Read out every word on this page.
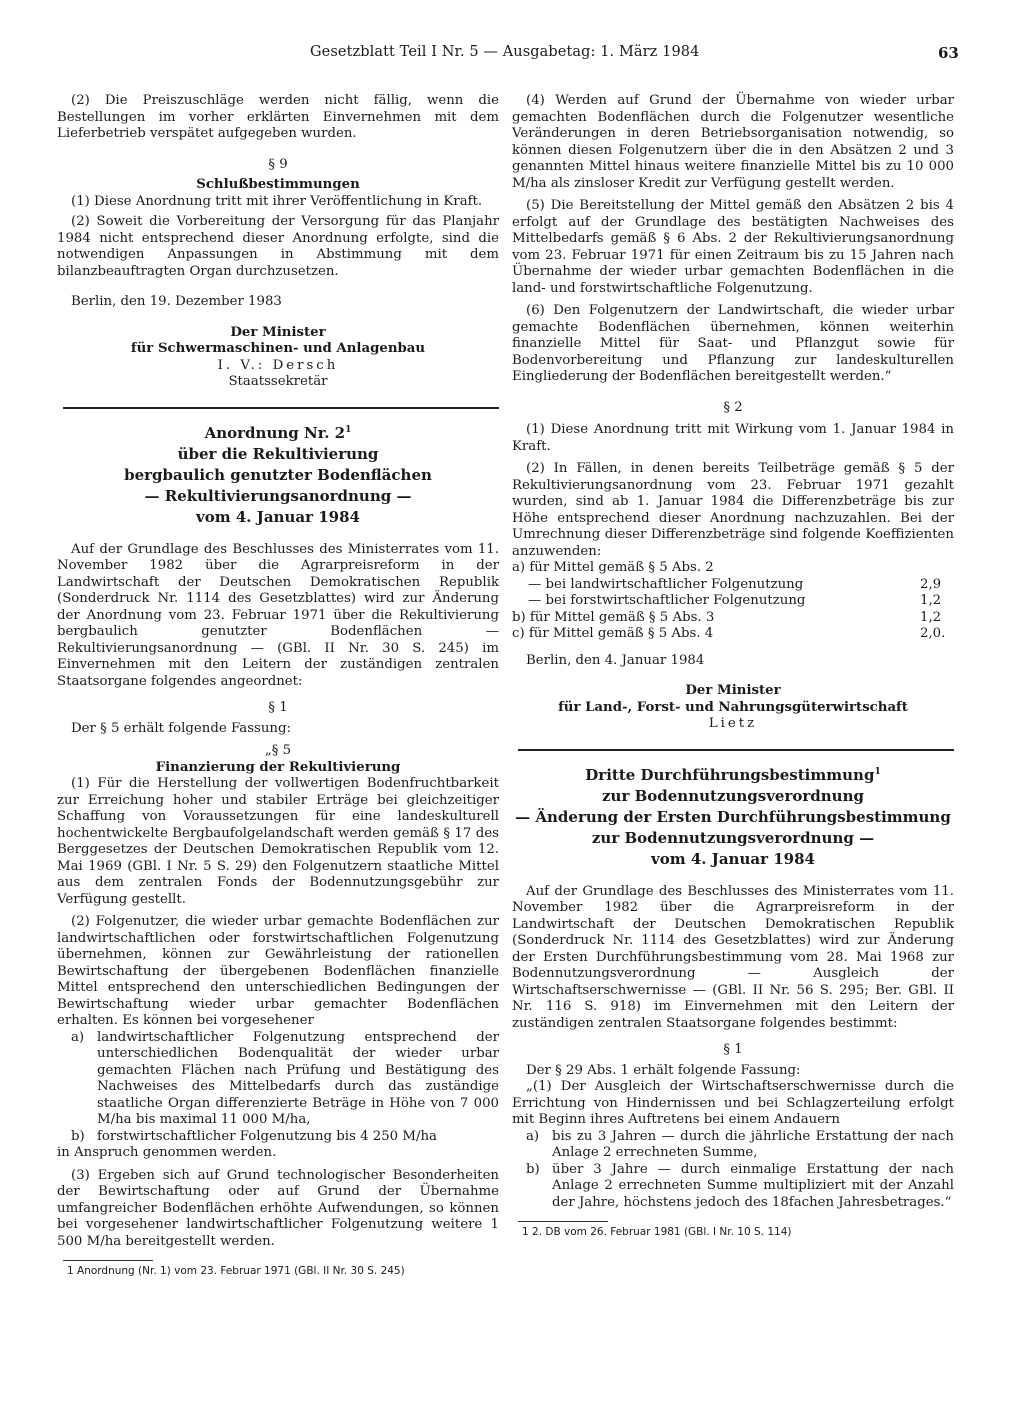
Gesetzblatt Teil I Nr. 5 — Ausgabetag: 1. März 1984	63

(2) Die Preiszuschläge werden nicht fällig, wenn die Bestellungen im vorher erklärten Einvernehmen mit dem Lieferbetrieb verspätet aufgegeben wurden.

§ 9

Schlußbestimmungen

(1) Diese Anordnung tritt mit ihrer Veröffentlichung in Kraft.

(2) Soweit die Vorbereitung der Versorgung für das Planjahr 1984 nicht entsprechend dieser Anordnung erfolgte, sind die notwendigen Anpassungen in Abstimmung mit dem bilanzbeauftragten Organ durchzusetzen.

Berlin, den 19. Dezember 1983

Der Minister

für Schwermaschinen- und Anlagenbau

I. V.: Dersch

Staatssekretär

Anordnung Nr. $2^1$

über die Rekultivierung

bergbaulich genutzter Bodenflächen

— Rekultivierungsanordnung —

vom 4. Januar 1984

Auf der Grundlage des Beschlusses des Ministerrates vom 11. November 1982 über die Agrarpreisreform in der Landwirtschaft der Deutschen Demokratischen Republik (Sonderdruck Nr. 1114 des Gesetzblattes) wird zur Änderung der Anordnung vom 23. Februar 1971 über die Rekultivierung bergbaulich genutzter Bodenflächen — Rekultivierungsanordnung — (GBl. II Nr. 30 S. 245) im Einvernehmen mit den Leitern der zuständigen zentralen Staatsorgane folgendes angeordnet:

§ 1

Der § 5 erhält folgende Fassung:

„§ 5

Finanzierung der Rekultivierung

(1) Für die Herstellung der vollwertigen Bodenfruchtbarkeit zur Erreichung hoher und stabiler Erträge bei gleichzeitiger Schaffung von Voraussetzungen für eine landeskulturell hochentwickelte Bergbaufolgelandschaft werden gemäß § 17 des Berggesetzes der Deutschen Demokratischen Republik vom 12. Mai 1969 (GBl. I Nr. 5 S. 29) den Folgenutzern staatliche Mittel aus dem zentralen Fonds der Bodennutzungsgebühr zur Verfügung gestellt.

(2) Folgenutzer, die wieder urbar gemachte Bodenflächen zur landwirtschaftlichen oder forstwirtschaftlichen Folgenutzung übernehmen, können zur Gewährleistung der rationellen Bewirtschaftung der übergebenen Bodenflächen finanzielle Mittel entsprechend den unterschiedlichen Bedingungen der Bewirtschaftung wieder urbar gemachter Bodenflächen erhalten. Es können bei vorgesehener

a) landwirtschaftlicher Folgenutzung entsprechend der unterschiedlichen Bodenqualität der wieder urbar gemachten Flächen nach Prüfung und Bestätigung des Nachweises des Mittelbedarfs durch das zuständige staatliche Organ differenzierte Beträge in Höhe von 7 000 M/ha bis maximal 11 000 M/ha,
b) forstwirtschaftlicher Folgenutzung bis 4 250 M/ha

in Anspruch genommen werden.

(3) Ergeben sich auf Grund technologischer Besonderheiten der Bewirtschaftung oder auf Grund der Übernahme umfangreicher Bodenflächen erhöhte Aufwendungen, so können bei vorgesehener landwirtschaftlicher Folgenutzung weitere 1 500 M/ha bereitgestellt werden.

1 Anordnung (Nr. 1) vom 23. Februar 1971 (GBl. II Nr. 30 S. 245)

(4) Werden auf Grund der Übernahme von wieder urbar gemachten Bodenflächen durch die Folgenutzer wesentliche Veränderungen in deren Betriebsorganisation notwendig, so können diesen Folgenutzern über die in den Absätzen 2 und 3 genannten Mittel hinaus weitere finanzielle Mittel bis zu 10 000 M/ha als zinsloser Kredit zur Verfügung gestellt werden.

(5) Die Bereitstellung der Mittel gemäß den Absätzen 2 bis 4 erfolgt auf der Grundlage des bestätigten Nachweises des Mittelbedarfs gemäß § 6 Abs. 2 der Rekultivierungsanordnung vom 23. Februar 1971 für einen Zeitraum bis zu 15 Jahren nach Übernahme der wieder urbar gemachten Bodenflächen in die land- und forstwirtschaftliche Folgenutzung.

(6) Den Folgenutzern der Landwirtschaft, die wieder urbar gemachte Bodenflächen übernehmen, können weiterhin finanzielle Mittel für Saat- und Pflanzgut sowie für Bodenvorbereitung und Pflanzung zur landeskulturellen Eingliederung der Bodenflächen bereitgestellt werden.“

§ 2

(1) Diese Anordnung tritt mit Wirkung vom 1. Januar 1984 in Kraft.

(2) In Fällen, in denen bereits Teilbeträge gemäß § 5 der Rekultivierungsanordnung vom 23. Februar 1971 gezahlt wurden, sind ab 1. Januar 1984 die Differenzbeträge bis zur Höhe entsprechend dieser Anordnung nachzuzahlen. Bei der Umrechnung dieser Differenzbeträge sind folgende Koeffizienten anzuwenden:

a) für Mittel gemäß § 5 Abs. 2
— bei landwirtschaftlicher Folgenutzung	2,9
— bei forstwirtschaftlicher Folgenutzung	1,2
b) für Mittel gemäß § 5 Abs. 3	1,2
c) für Mittel gemäß § 5 Abs. 4	2,0.

Berlin, den 4. Januar 1984

Der Minister

für Land-, Forst- und Nahrungsgüterwirtschaft

Lietz

Dritte Durchführungsbestimmung$^1$

zur Bodennutzungsverordnung

— Änderung der Ersten Durchführungsbestimmung

zur Bodennutzungsverordnung —

vom 4. Januar 1984

Auf der Grundlage des Beschlusses des Ministerrates vom 11. November 1982 über die Agrarpreisreform in der Landwirtschaft der Deutschen Demokratischen Republik (Sonderdruck Nr. 1114 des Gesetzblattes) wird zur Änderung der Ersten Durchführungsbestimmung vom 28. Mai 1968 zur Bodennutzungsverordnung — Ausgleich der Wirtschaftserschwernisse — (GBl. II Nr. 56 S. 295; Ber. GBl. II Nr. 116 S. 918) im Einvernehmen mit den Leitern der zuständigen zentralen Staatsorgane folgendes bestimmt:

§ 1

Der § 29 Abs. 1 erhält folgende Fassung:

„(1) Der Ausgleich der Wirtschaftserschwernisse durch die Errichtung von Hindernissen und bei Schlagzerteilung erfolgt mit Beginn ihres Auftretens bei einem Andauern

a) bis zu 3 Jahren — durch die jährliche Erstattung der nach Anlage 2 errechneten Summe,
b) über 3 Jahre — durch einmalige Erstattung der nach Anlage 2 errechneten Summe multipliziert mit der Anzahl der Jahre, höchstens jedoch des 18fachen Jahresbetrages.“

1 2. DB vom 26. Februar 1981 (GBl. I Nr. 10 S. 114)
